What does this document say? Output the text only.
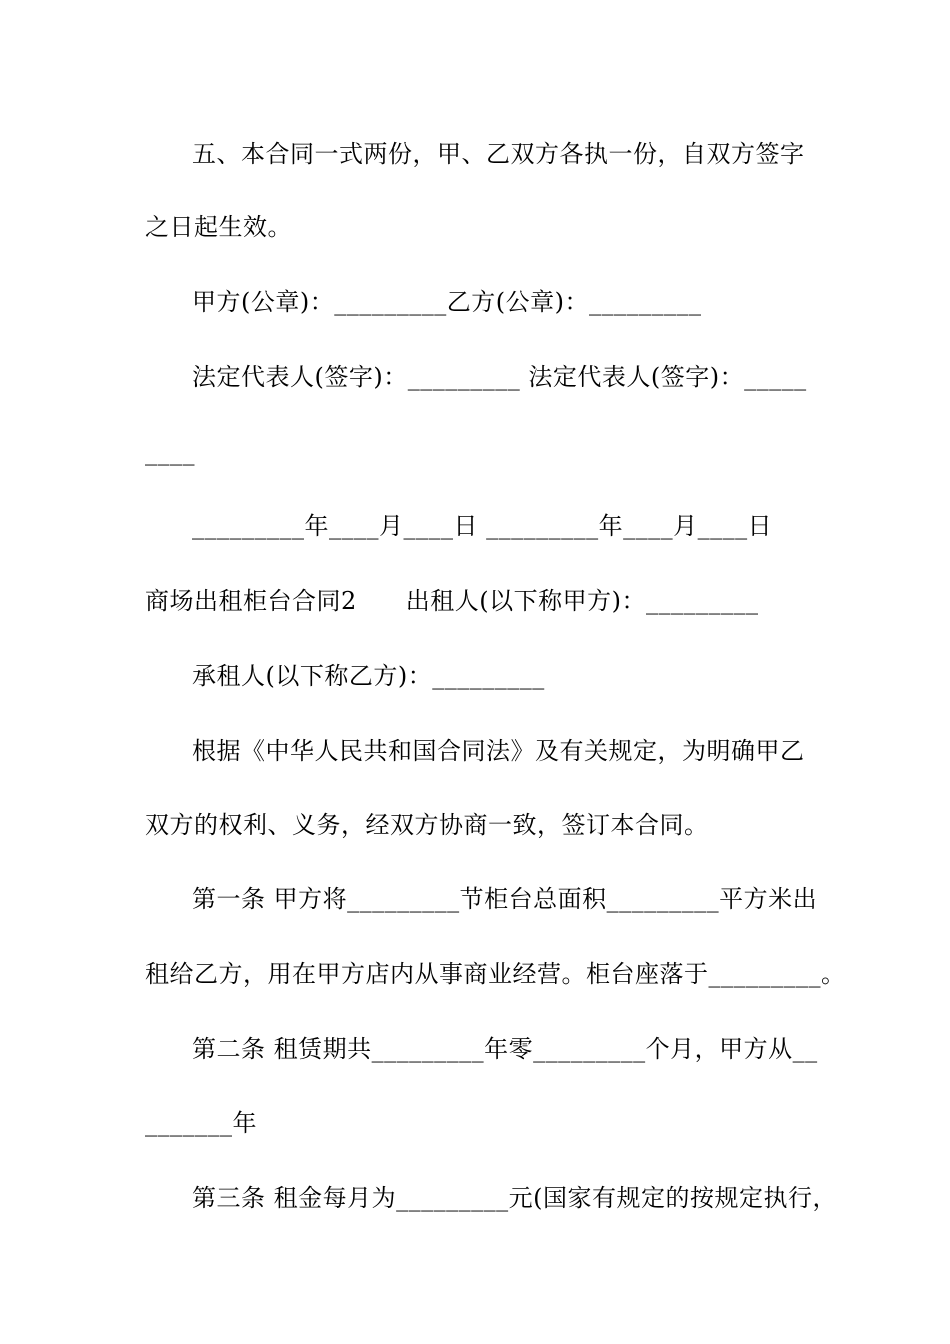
五、本合同一式两份，甲、乙双方各执一份，自双方签字
之日起生效。
甲方(公章)：_________乙方(公章)：_________
法定代表人(签字)：_________ 法定代表人(签字)：_____
____
_________年____月____日 _________年____月____日
商场出租柜台合同2　　出租人(以下称甲方)：_________
承租人(以下称乙方)：_________
根据《中华人民共和国合同法》及有关规定，为明确甲乙
双方的权利、义务，经双方协商一致，签订本合同。
第一条 甲方将_________节柜台总面积_________平方米出
租给乙方，用在甲方店内从事商业经营。柜台座落于_________。
第二条 租赁期共_________年零_________个月，甲方从__
_______年
第三条 租金每月为_________元(国家有规定的按规定执行，
